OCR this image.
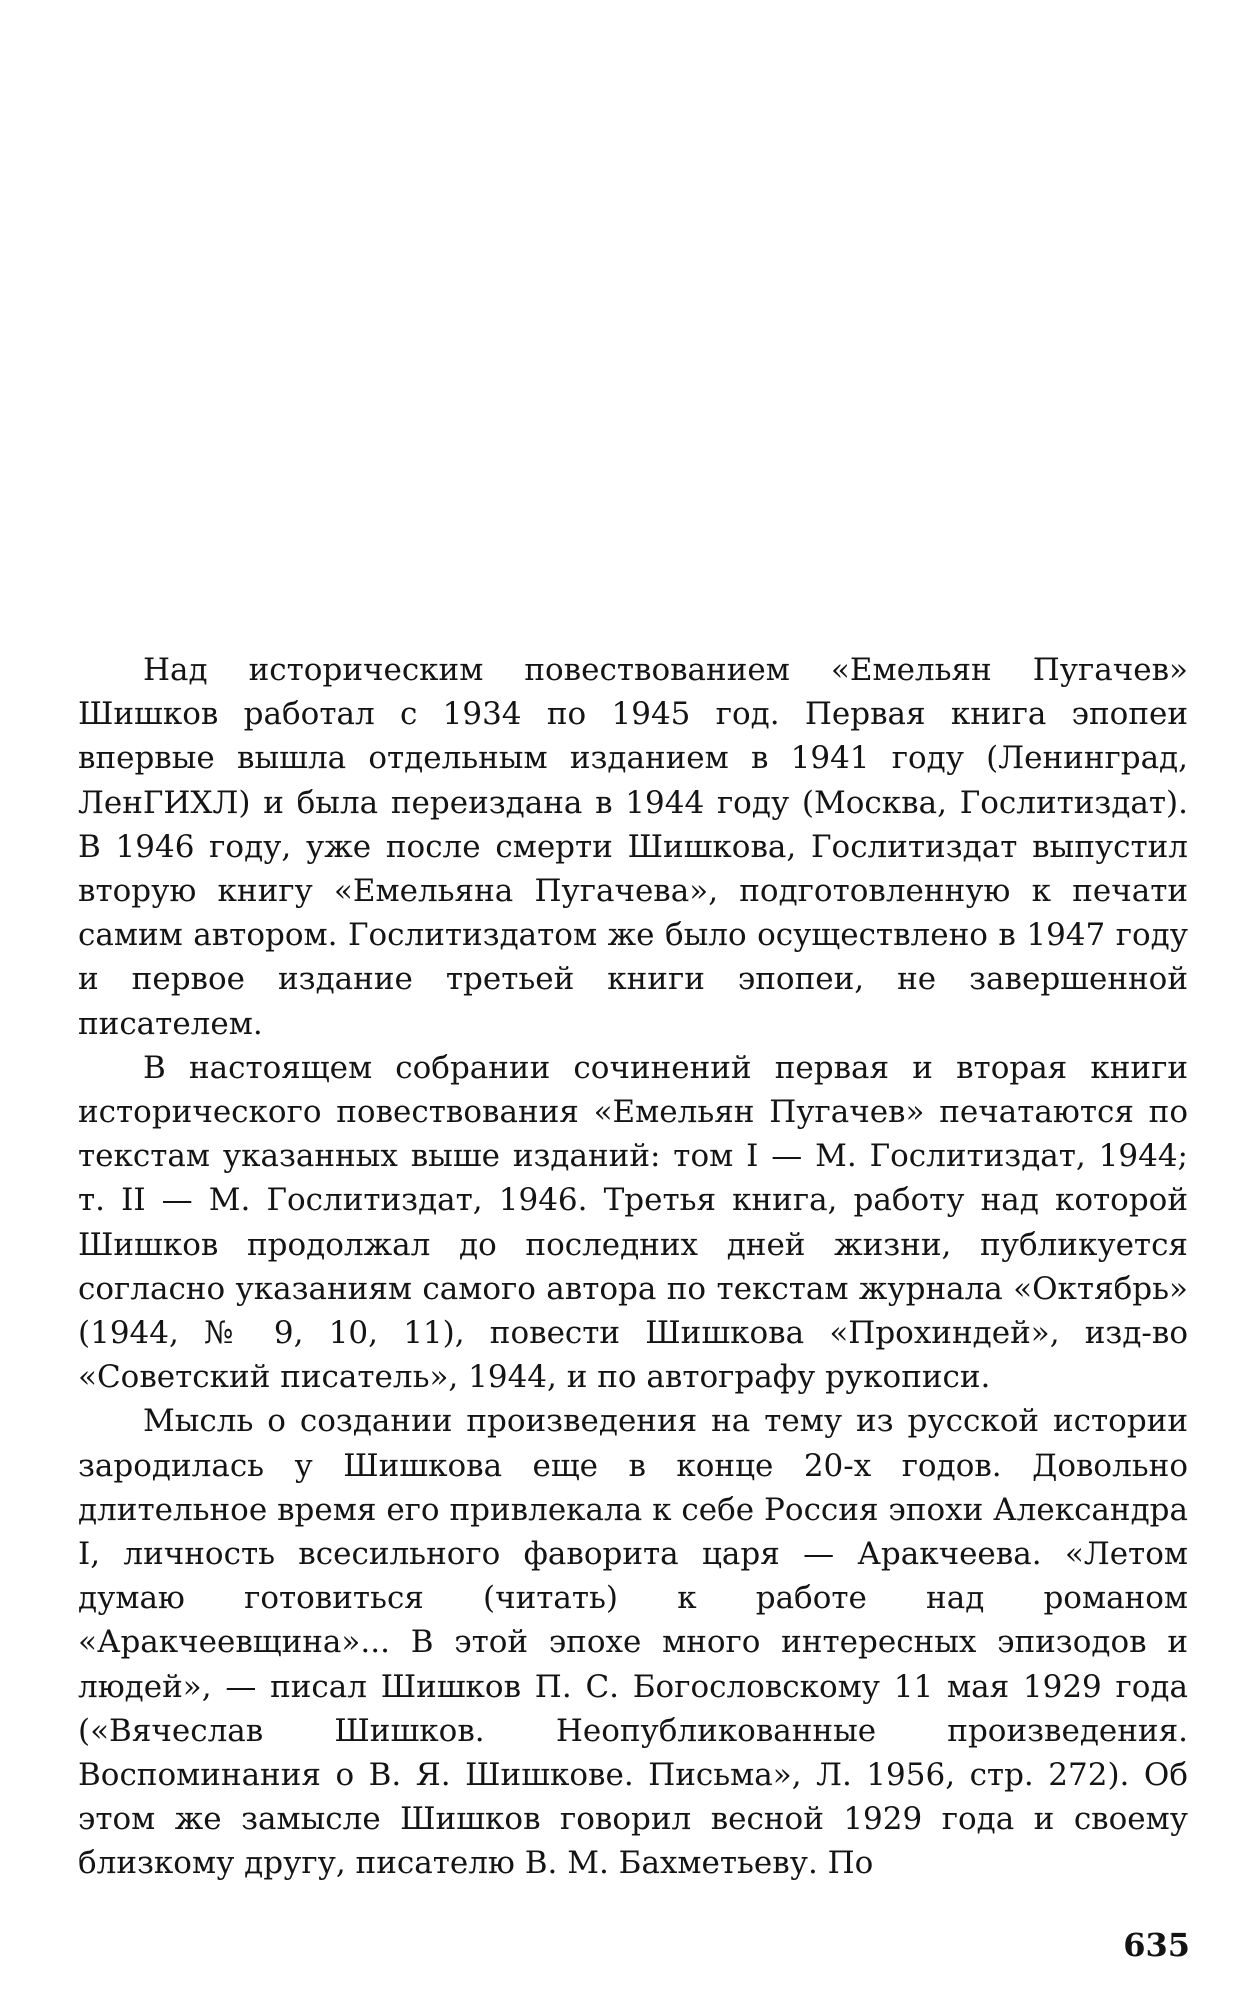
Над историческим повествованием «Емельян Пугачев» Шишков работал с 1934 по 1945 год. Первая книга эпопеи впервые вышла отдельным изданием в 1941 году (Ленинград, ЛенГИХЛ) и была переиздана в 1944 году (Москва, Гослитиздат). В 1946 году, уже после смерти Шишкова, Гослитиздат выпустил вторую книгу «Емельяна Пугачева», подготовленную к печати самим автором. Гослитиздатом же было осуществлено в 1947 году и первое издание третьей книги эпопеи, не завершенной писателем.

В настоящем собрании сочинений первая и вторая книги исторического повествования «Емельян Пугачев» печатаются по текстам указанных выше изданий: том I — М. Гослитиздат, 1944; т. II — М. Гослитиздат, 1946. Третья книга, работу над которой Шишков продолжал до последних дней жизни, публикуется согласно указаниям самого автора по текстам журнала «Октябрь» (1944, № 9, 10, 11), повести Шишкова «Прохиндей», изд-во «Советский писатель», 1944, и по автографу рукописи.

Мысль о создании произведения на тему из русской истории зародилась у Шишкова еще в конце 20-х годов. Довольно длительное время его привлекала к себе Россия эпохи Александра I, личность всесильного фаворита царя — Аракчеева. «Летом думаю готовиться (читать) к работе над романом «Аракчеевщина»... В этой эпохе много интересных эпизодов и людей», — писал Шишков П. С. Богословскому 11 мая 1929 года («Вячеслав Шишков. Неопубликованные произведения. Воспоминания о В. Я. Шишкове. Письма», Л. 1956, стр. 272). Об этом же замысле Шишков говорил весной 1929 года и своему близкому другу, писателю В. М. Бахметьеву. По

635
